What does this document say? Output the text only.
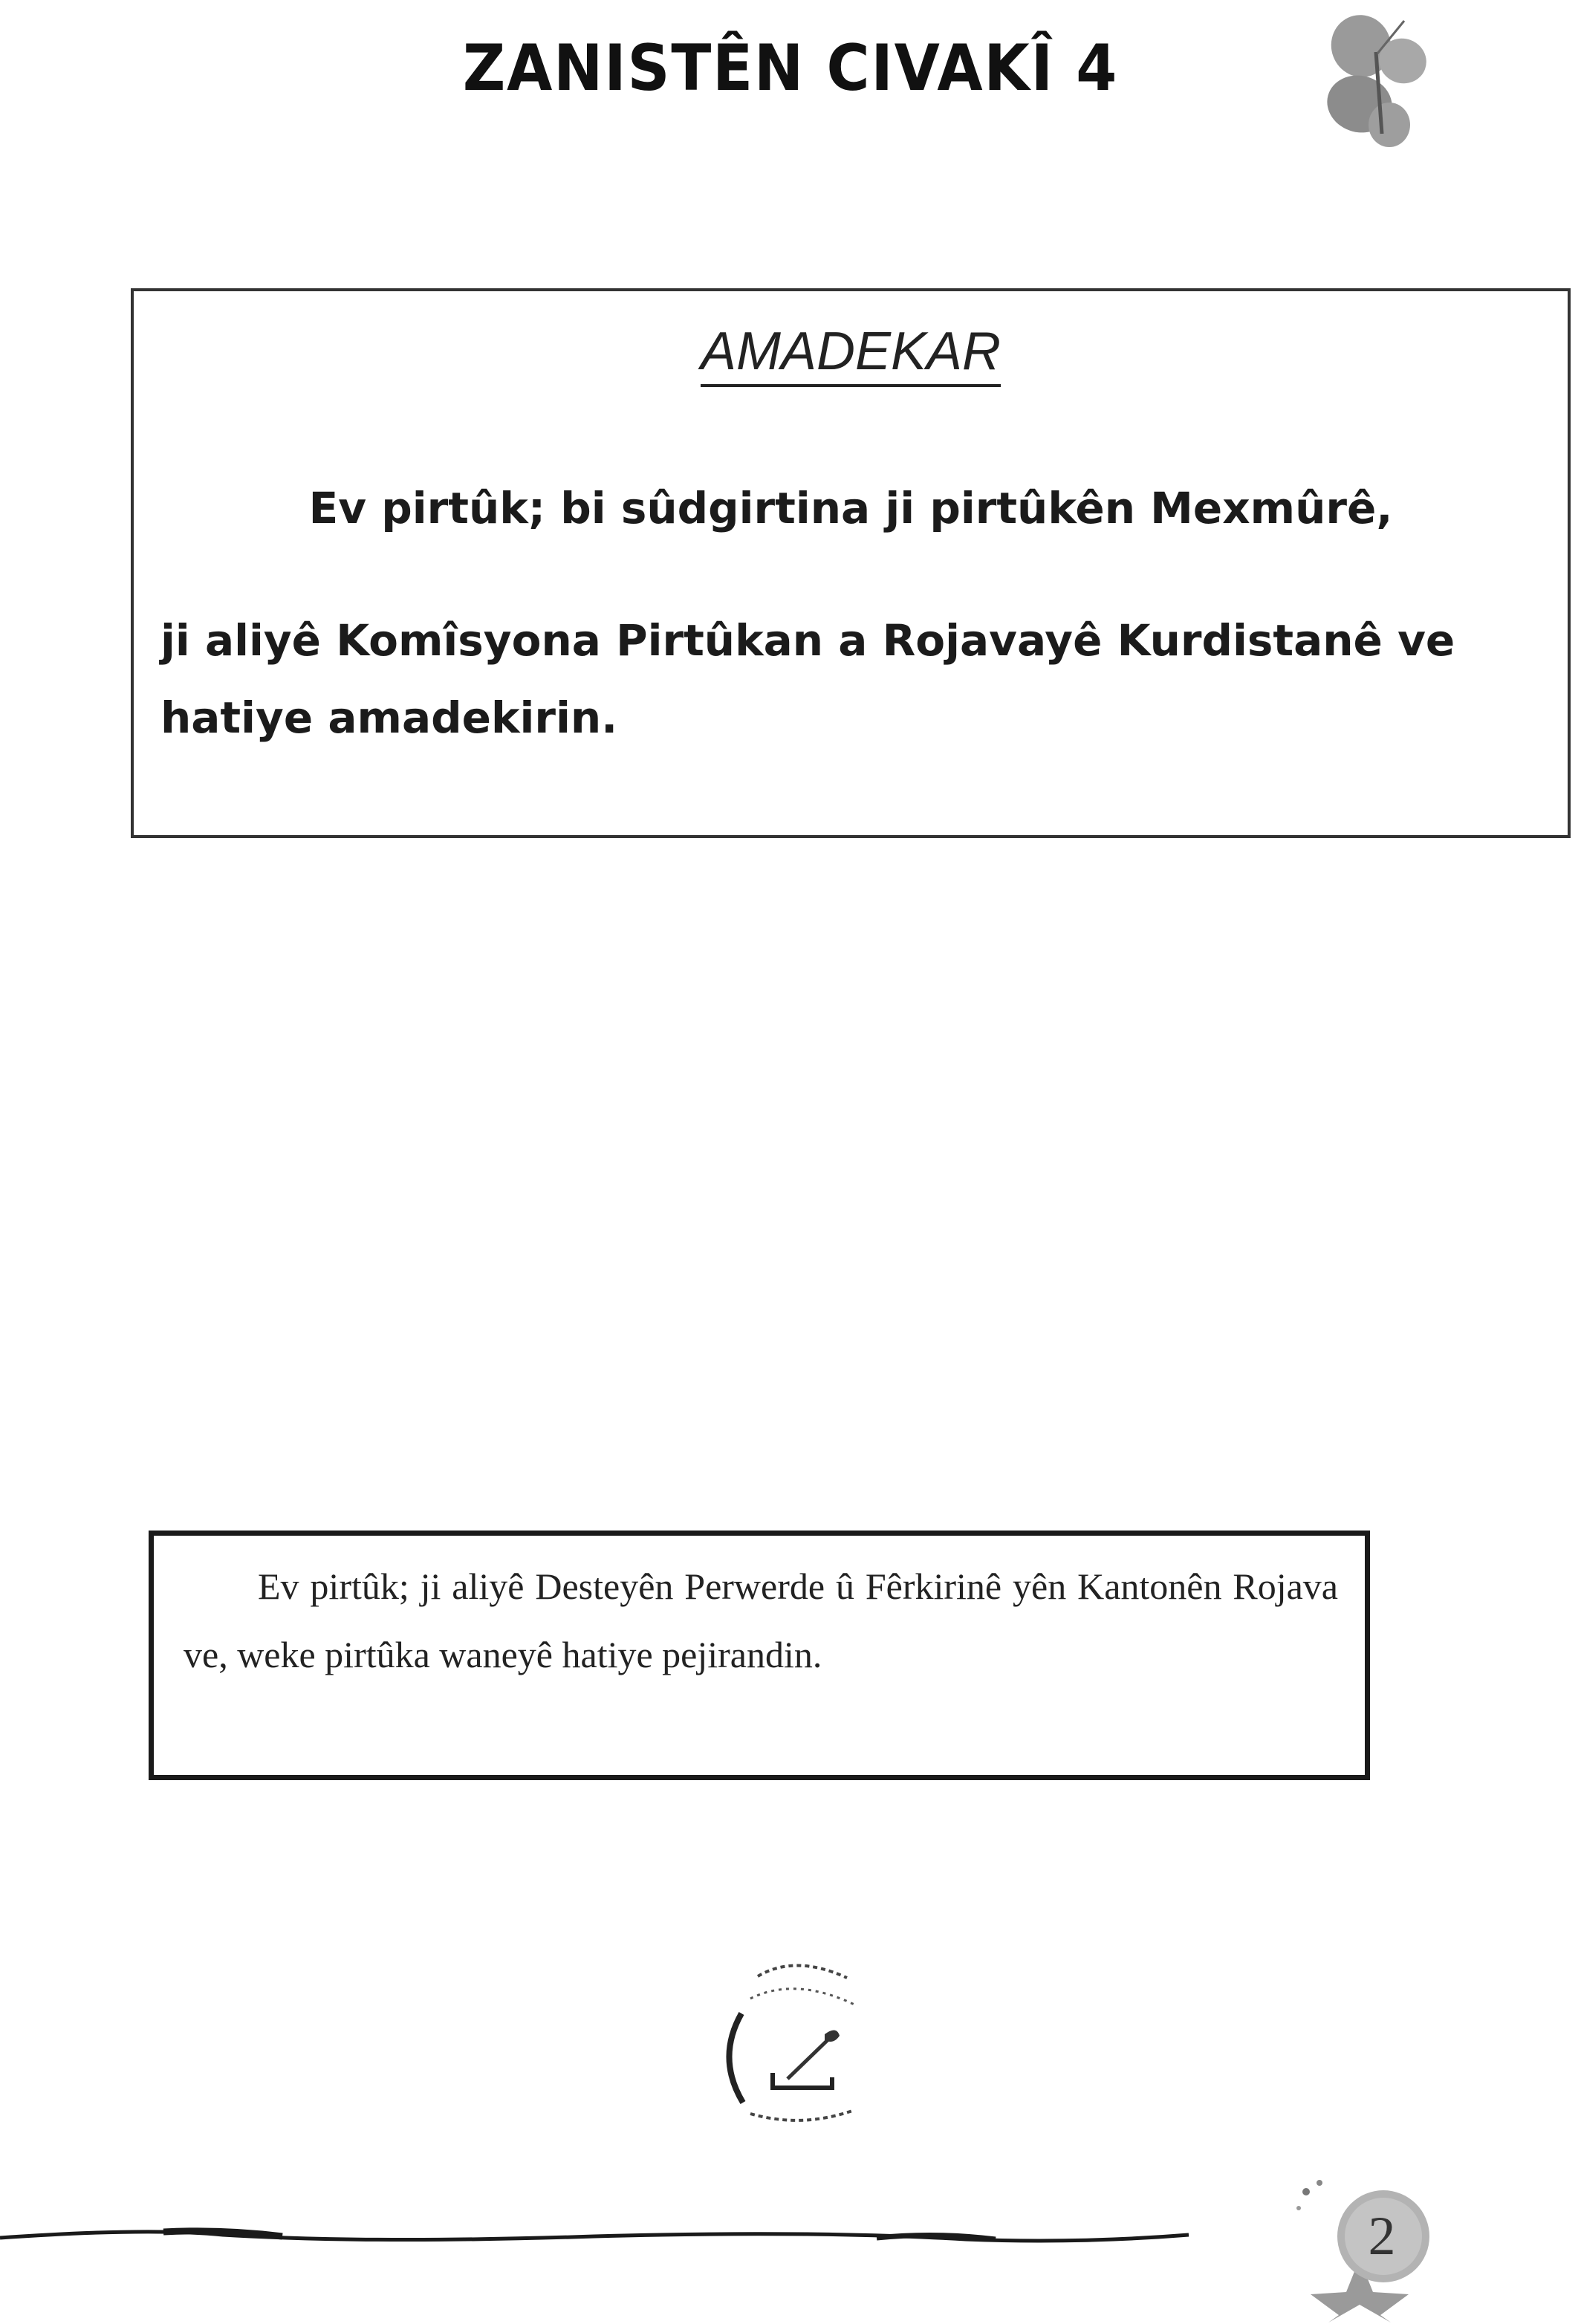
ZANISTÊN CIVAKÎ 4
AMADEKAR
Ev pirtûk; bi sûdgirtina ji pirtûkên Mexmûrê,
ji aliyê Komîsyona Pirtûkan a Rojavayê Kurdistanê ve hatiye amadekirin.
Ev pirtûk; ji aliyê Desteyên Perwerde û Fêrkirinê yên Kantonên Rojava ve, weke pirtûka waneyê hatiye pejirandin.
2
